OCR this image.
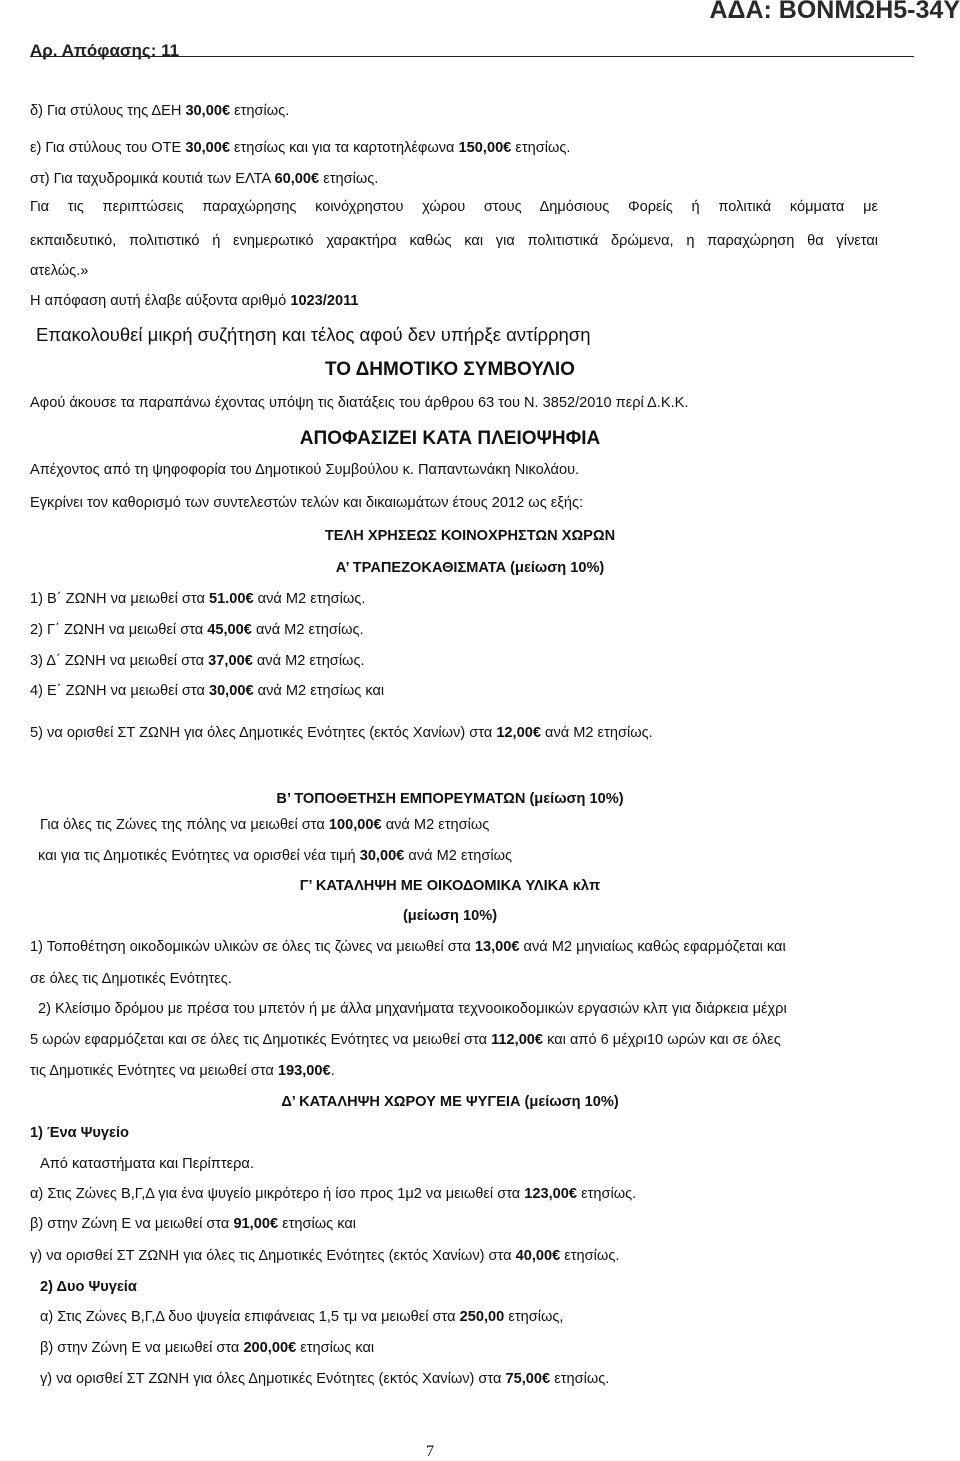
ΑΔΑ: ΒΟΝΜΩΗ5-34Υ
Αρ. Απόφασης: 11
δ) Για στύλους της ΔΕΗ 30,00€ ετησίως.
ε) Για στύλους του ΟΤΕ 30,00€ ετησίως και για τα καρτοτηλέφωνα 150,00€ ετησίως.
στ) Για ταχυδρομικά κουτιά των ΕΛΤΑ 60,00€ ετησίως.
Για τις περιπτώσεις παραχώρησης κοινόχρηστου χώρου στους Δημόσιους Φορείς ή πολιτικά κόμματα με
εκπαιδευτικό, πολιτιστικό ή ενημερωτικό χαρακτήρα καθώς και για πολιτιστικά δρώμενα, η παραχώρηση θα γίνεται
ατελώς.»
Η απόφαση αυτή έλαβε αύξοντα αριθμό 1023/2011
Επακολουθεί μικρή συζήτηση και τέλος αφού δεν υπήρξε αντίρρηση
ΤΟ ΔΗΜΟΤΙΚΟ ΣΥΜΒΟΥΛΙΟ
Αφού άκουσε τα παραπάνω έχοντας υπόψη τις διατάξεις του άρθρου 63 του Ν. 3852/2010 περί Δ.Κ.Κ.
ΑΠΟΦΑΣΙΖΕΙ ΚΑΤΑ ΠΛΕΙΟΨΗΦΙΑ
Απέχοντος από τη ψηφοφορία του Δημοτικού Συμβούλου κ. Παπαντωνάκη Νικολάου.
Εγκρίνει τον καθορισμό των συντελεστών τελών και δικαιωμάτων έτους 2012 ως εξής:
ΤΕΛΗ ΧΡΗΣΕΩΣ ΚΟΙΝΟΧΡΗΣΤΩΝ ΧΩΡΩΝ
Α’ ΤΡΑΠΕΖΟΚΑΘΙΣΜΑΤΑ (μείωση 10%)
1) Β΄ ΖΩΝΗ να μειωθεί στα 51.00€ ανά Μ2 ετησίως.
2) Γ΄ ΖΩΝΗ να μειωθεί στα 45,00€ ανά Μ2 ετησίως.
3) Δ΄ ΖΩΝΗ να μειωθεί στα 37,00€ ανά Μ2 ετησίως.
4) Ε΄ ΖΩΝΗ να μειωθεί στα 30,00€ ανά Μ2 ετησίως και
5) να ορισθεί ΣΤ ΖΩΝΗ για όλες Δημοτικές Ενότητες (εκτός Χανίων) στα 12,00€ ανά Μ2 ετησίως.
Β’ ΤΟΠΟΘΕΤΗΣΗ ΕΜΠΟΡΕΥΜΑΤΩΝ (μείωση 10%)
Για όλες τις Ζώνες της πόλης να μειωθεί στα 100,00€ ανά Μ2 ετησίως
και για τις Δημοτικές Ενότητες να ορισθεί νέα τιμή 30,00€ ανά Μ2 ετησίως
Γ’ ΚΑΤΑΛΗΨΗ ΜΕ ΟΙΚΟΔΟΜΙΚΑ ΥΛΙΚΑ κλπ
(μείωση 10%)
1) Τοποθέτηση οικοδομικών υλικών σε όλες τις ζώνες να μειωθεί στα 13,00€ ανά Μ2 μηνιαίως καθώς εφαρμόζεται και
σε όλες τις Δημοτικές Ενότητες.
2) Κλείσιμο δρόμου με πρέσα του μπετόν ή με άλλα μηχανήματα τεχνοοικοδομικών εργασιών κλπ για διάρκεια μέχρι
5 ωρών εφαρμόζεται και σε όλες τις Δημοτικές Ενότητες να μειωθεί στα 112,00€ και από 6 μέχρι10 ωρών και σε όλες
τις Δημοτικές Ενότητες να μειωθεί στα 193,00€.
Δ’ ΚΑΤΑΛΗΨΗ ΧΩΡΟΥ ΜΕ ΨΥΓΕΙΑ (μείωση 10%)
1) Ένα Ψυγείο
Από καταστήματα και Περίπτερα.
α) Στις Ζώνες Β,Γ,Δ για ένα ψυγείο μικρότερο ή ίσο προς 1μ2 να μειωθεί στα 123,00€ ετησίως.
β) στην Ζώνη Ε να μειωθεί στα 91,00€ ετησίως και
γ) να ορισθεί ΣΤ ΖΩΝΗ για όλες τις Δημοτικές Ενότητες (εκτός Χανίων) στα 40,00€ ετησίως.
2) Δυο Ψυγεία
α) Στις Ζώνες Β,Γ,Δ δυο ψυγεία επιφάνειας 1,5 τμ να μειωθεί στα 250,00 ετησίως,
β) στην Ζώνη Ε να μειωθεί στα 200,00€ ετησίως και
γ) να ορισθεί ΣΤ ΖΩΝΗ για όλες Δημοτικές Ενότητες (εκτός Χανίων) στα 75,00€ ετησίως.
7
